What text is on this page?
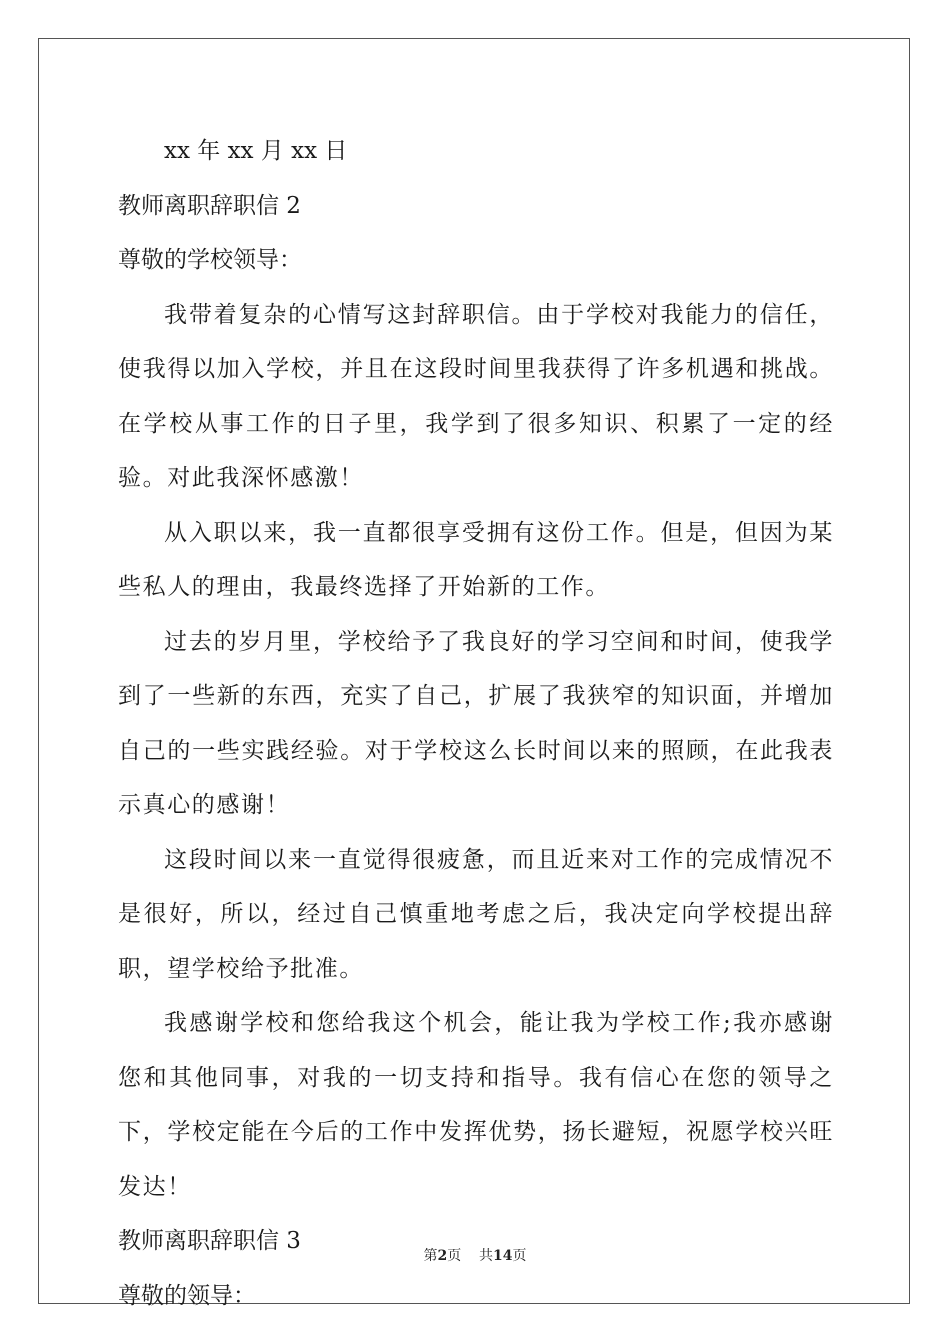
xx 年 xx 月 xx 日

教师离职辞职信 2

尊敬的学校领导：

我带着复杂的心情写这封辞职信。由于学校对我能力的信任，使我得以加入学校，并且在这段时间里我获得了许多机遇和挑战。在学校从事工作的日子里，我学到了很多知识、积累了一定的经验。对此我深怀感激！

从入职以来，我一直都很享受拥有这份工作。但是，但因为某些私人的理由，我最终选择了开始新的工作。

过去的岁月里，学校给予了我良好的学习空间和时间，使我学到了一些新的东西，充实了自己，扩展了我狭窄的知识面，并增加自己的一些实践经验。对于学校这么长时间以来的照顾，在此我表示真心的感谢！

这段时间以来一直觉得很疲惫，而且近来对工作的完成情况不是很好，所以，经过自己慎重地考虑之后，我决定向学校提出辞职，望学校给予批准。

我感谢学校和您给我这个机会，能让我为学校工作;我亦感谢您和其他同事，对我的一切支持和指导。我有信心在您的领导之下，学校定能在今后的工作中发挥优势，扬长避短，祝愿学校兴旺发达！

教师离职辞职信 3

尊敬的领导：

第2页 共14页
